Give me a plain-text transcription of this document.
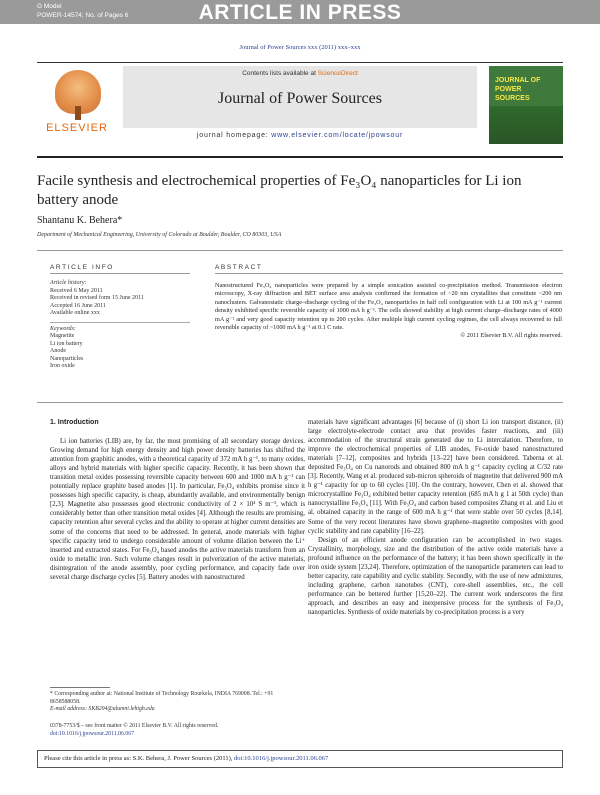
G Model
POWER-14574; No. of Pages 6	ARTICLE IN PRESS
Journal of Power Sources xxx (2011) xxx–xxx
ELSEVIER
Contents lists available at ScienceDirect
Journal of Power Sources
journal homepage: www.elsevier.com/locate/jpowsour
JOURNAL OF POWER SOURCES
Facile synthesis and electrochemical properties of Fe₃O₄ nanoparticles for Li ion battery anode
Shantanu K. Behera*
Department of Mechanical Engineering, University of Colorado at Boulder, Boulder, CO 80303, USA
ARTICLE INFO
Article history:
Received 6 May 2011
Received in revised form 15 June 2011
Accepted 16 June 2011
Available online xxx
Keywords:
Magnetite
Li ion battery
Anode
Nanoparticles
Iron oxide
ABSTRACT
Nanostructured Fe₃O₄ nanoparticles were prepared by a simple sonication assisted co-precipitation method. Transmission electron microscopy, X-ray diffraction and BET surface area analysis confirmed the formation of ~20 nm crystallites that constitute ~200 nm nanoclusters. Galvanostatic charge–discharge cycling of the Fe₃O₄ nanoparticles in half cell configuration with Li at 100 mA g⁻¹ current density exhibited specific reversible capacity of 1000 mA h g⁻¹. The cells showed stability at high current charge–discharge rates of 4000 mA g⁻¹ and very good capacity retention up to 200 cycles. After multiple high current cycling regimes, the cell always recovered to full reversible capacity of ~1000 mA h g⁻¹ at 0.1 C rate.
© 2011 Elsevier B.V. All rights reserved.
1. Introduction

Li ion batteries (LIB) are, by far, the most promising of all secondary storage devices. Growing demand for high energy density and high power density batteries has shifted the attention from graphitic anodes, with a theoretical capacity of 372 mA h g⁻¹, to many oxides, alloys and hybrid materials with higher specific capacity. Recently, it has been shown that transition metal oxides possessing reversible capacity between 600 and 1000 mA h g⁻¹ can potentially replace graphite based anodes [1]. In particular, Fe₃O₄ exhibits promise since it possesses high specific capacity, is cheap, abundantly available, and environmentally benign [2,3]. Magnetite also possesses good electronic conductivity of 2 × 10⁴ S m⁻¹, which is considerably better than other transition metal oxides [4]. Although the results are promising, capacity retention after several cycles and the ability to operate at higher current densities are some of the concerns that need to be addressed. In general, anode materials with higher specific capacity tend to undergo considerable amount of volume dilation between the Li⁺ inserted and extracted states. For Fe₃O₄ based anodes the active materials transform from an oxide to metallic iron. Such volume changes result in pulverization of the active materials, disintegration of the anode assembly, poor cycling performance, and capacity fade over several charge discharge cycles [5]. Battery anodes with nanostructured

materials have significant advantages [6] because of (i) short Li ion transport distance, (ii) large electrolyte-electrode contact area that provides faster reactions, and (iii) accommodation of the structural strain generated due to Li intercalation. Therefore, to improve the electrochemical properties of LIB anodes, Fe-oxide based nanostructured materials [7–12], composites and hybrids [13–22] have been considered. Taberna et al. deposited Fe₃O₄ on Cu nanorods and obtained 800 mA h g⁻¹ capacity cycling at C/32 rate [3]. Recently, Wang et al. produced sub-micron spheroids of magnetite that delivered 900 mA h g⁻¹ capacity for up to 60 cycles [10]. On the contrary, however, Chen et al. showed that microcrystalline Fe₃O₄ exhibited better capacity retention (685 mA h g 1 at 50th cycle) than nanocrystalline Fe₃O₄ [11]. With Fe₃O₄ and carbon based composites Zhang et al. and Liu et al. obtained capacity in the range of 600 mA h g⁻¹ that were stable over 50 cycles [8,14]. Some of the very recent literatures have shown graphene–magnetite composites with good cyclic stability and rate capability [16–22].

Design of an efficient anode configuration can be accomplished in two stages. Crystallinity, morphology, size and the distribution of the active oxide materials have a profound influence on the performance of the battery; it has been shown specifically in the iron oxide system [23,24]. Therefore, optimization of the nanoparticle parameters can lead to better capacity, rate capability and cyclic stability. Secondly, with the use of new admixtures, including graphene, carbon nanotubes (CNT), core-shell assemblies, etc., the cell performance can be bettered further [15,20–22]. The current work underscores the first approach, and describes an easy and inexpensive process for the synthesis of Fe₃O₄ nanoparticles. Synthesis of oxide materials by co-precipitation process is a very

* Corresponding author at: National Institute of Technology Rourkela, INDIA 769008. Tel.: +91 8658588058.
E-mail address: SKB204@alumni.lehigh.edu
0378-7753/$ – see front matter © 2011 Elsevier B.V. All rights reserved.
doi:10.1016/j.jpowsour.2011.06.067
Please cite this article in press as: S.K. Behera, J. Power Sources (2011), doi:10.1016/j.jpowsour.2011.06.067
